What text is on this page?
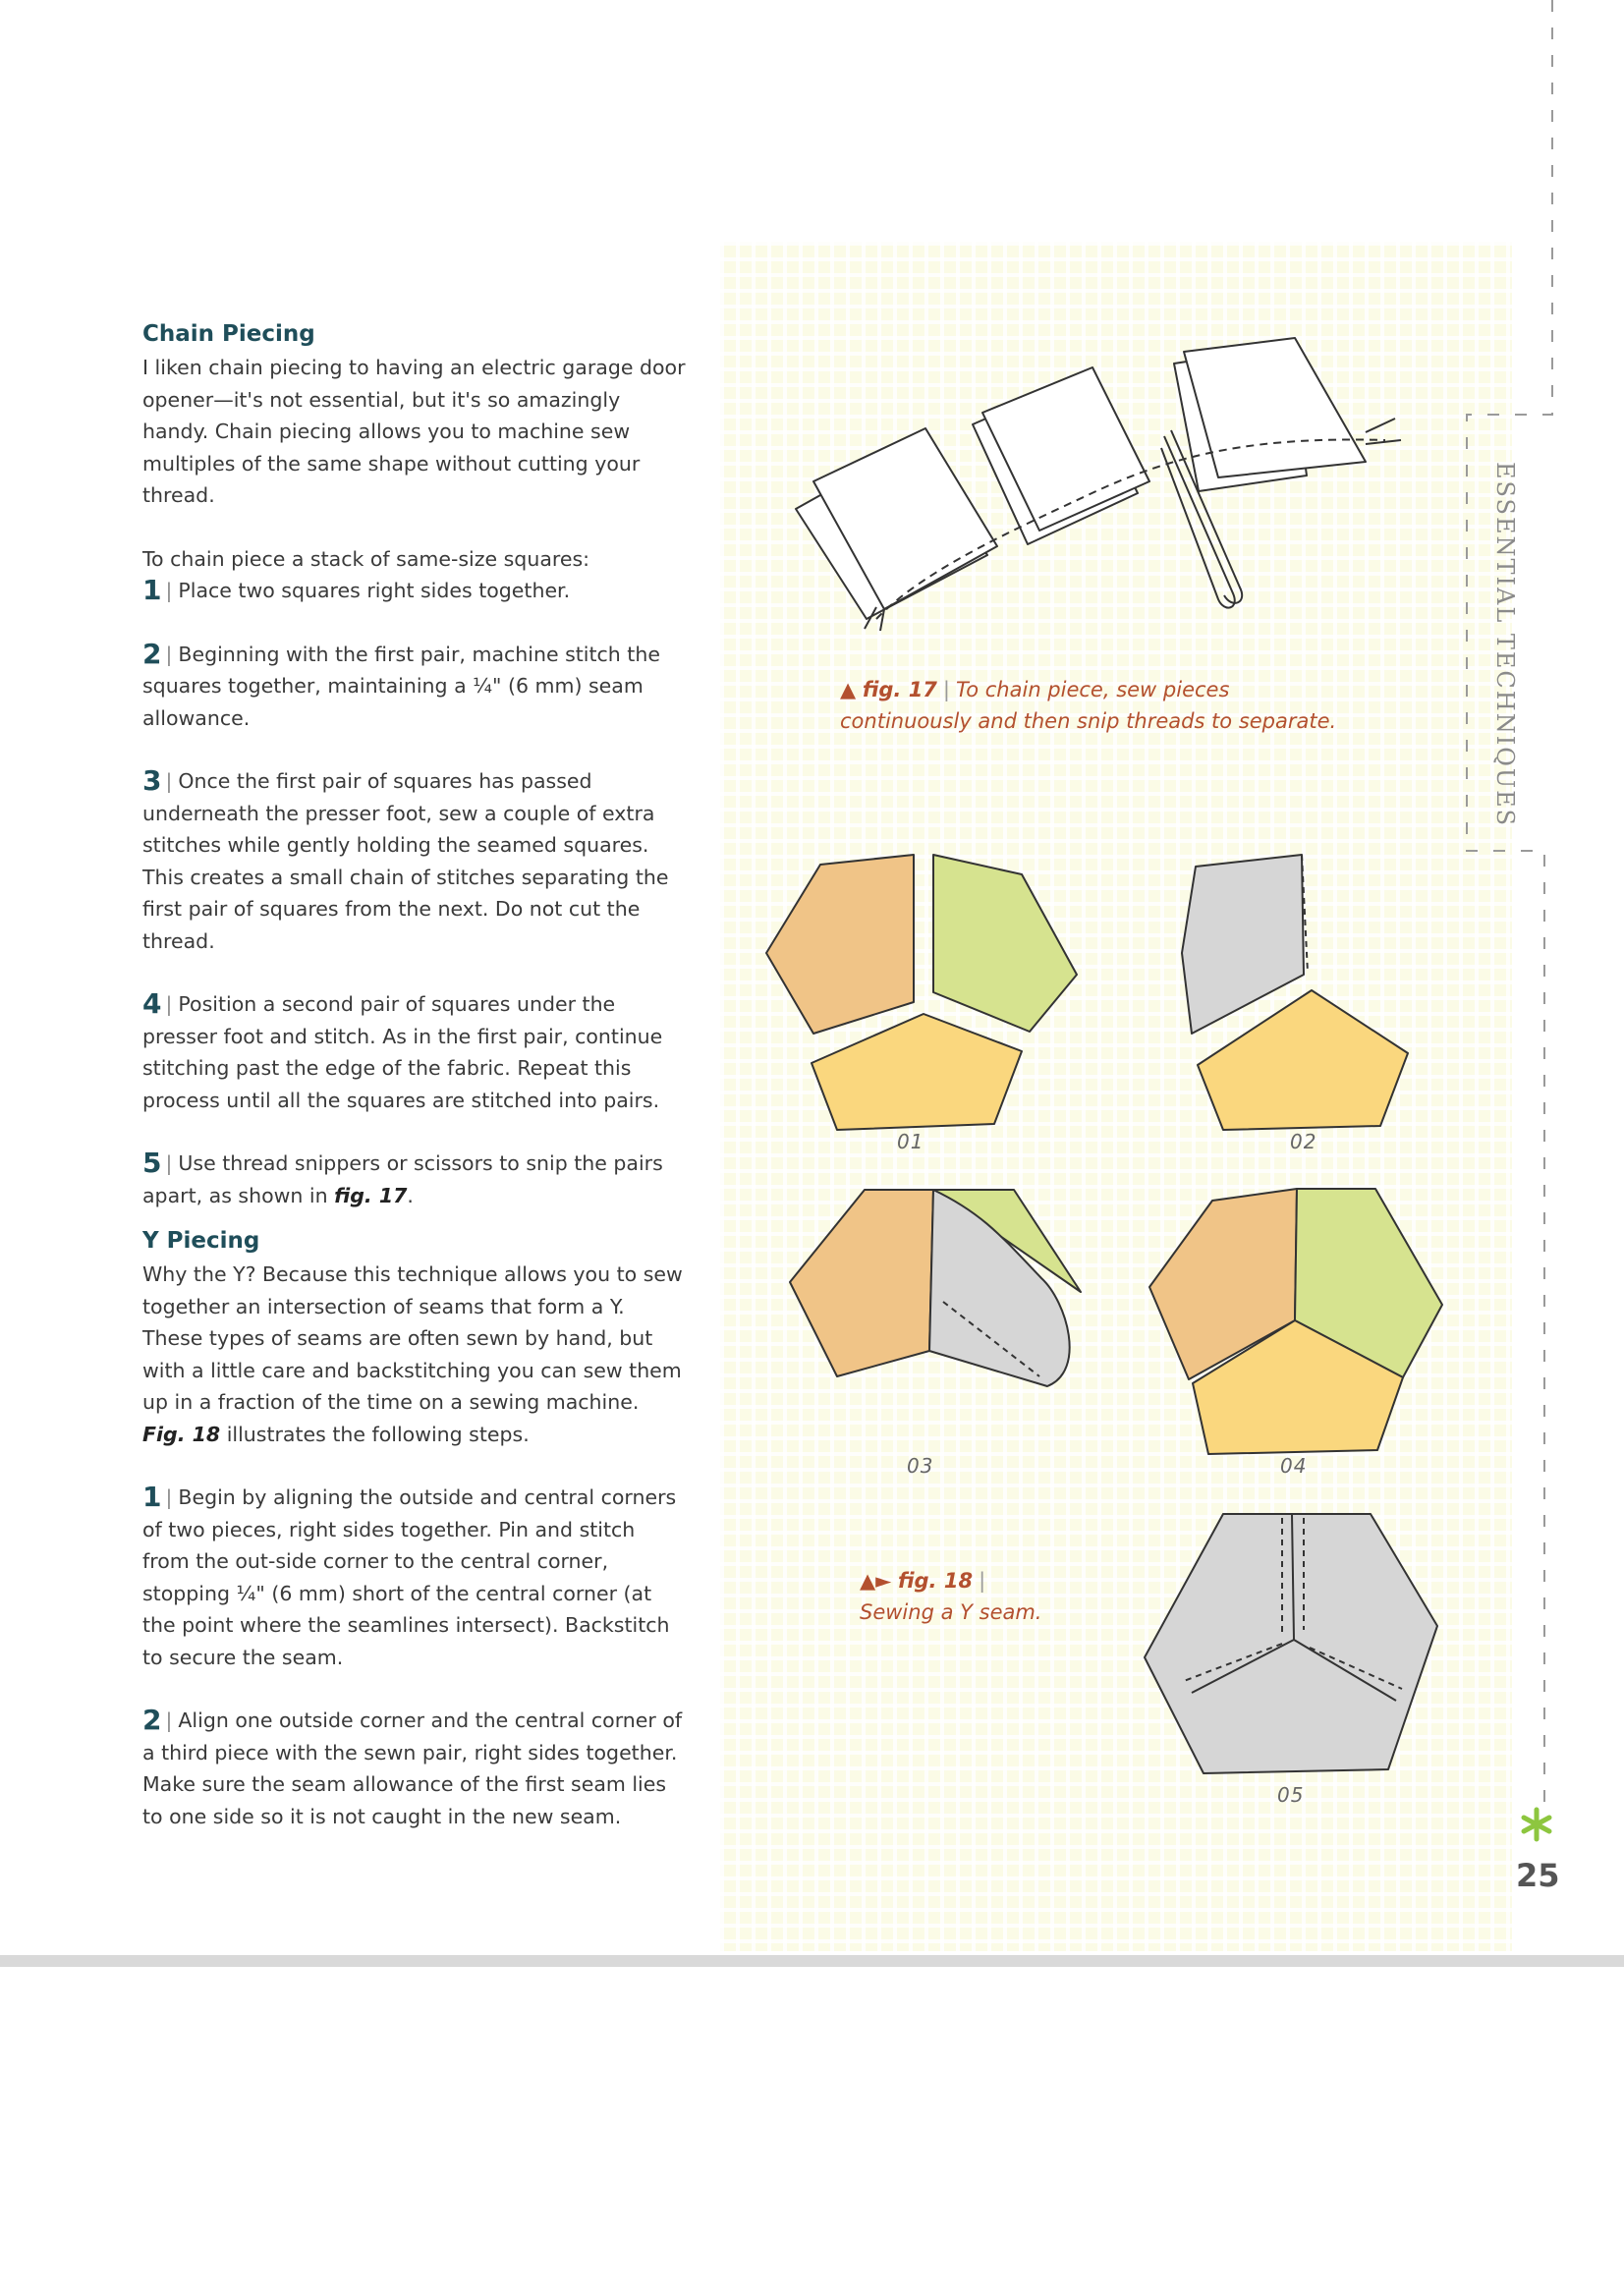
ESSENTIAL TECHNIQUES
Chain Piecing

I liken chain piecing to having an electric garage door opener—it's not essential, but it's so amazingly handy. Chain piecing allows you to machine sew multiples of the same shape without cutting your thread.

To chain piece a stack of same-size squares:

1 | Place two squares right sides together.

2 | Beginning with the first pair, machine stitch the squares together, maintaining a ¼" (6 mm) seam allowance.

3 | Once the first pair of squares has passed underneath the presser foot, sew a couple of extra stitches while gently holding the seamed squares. This creates a small chain of stitches separating the first pair of squares from the next. Do not cut the thread.

4 | Position a second pair of squares under the presser foot and stitch. As in the first pair, continue stitching past the edge of the fabric. Repeat this process until all the squares are stitched into pairs.

5 | Use thread snippers or scissors to snip the pairs apart, as shown in fig. 17.

Y Piecing

Why the Y? Because this technique allows you to sew together an intersection of seams that form a Y. These types of seams are often sewn by hand, but with a little care and backstitching you can sew them up in a fraction of the time on a sewing machine. Fig. 18 illustrates the following steps.

1 | Begin by aligning the outside and central corners of two pieces, right sides together. Pin and stitch from the out-side corner to the central corner, stopping ¼" (6 mm) short of the central corner (at the point where the seamlines intersect). Backstitch to secure the seam.

2 | Align one outside corner and the central corner of a third piece with the sewn pair, right sides together. Make sure the seam allowance of the first seam lies to one side so it is not caught in the new seam.

▲ fig. 17 | To chain piece, sew pieces continuously and then snip threads to separate.
01	02
03	04
05
▲► fig. 18 |
Sewing a Y seam.
25
